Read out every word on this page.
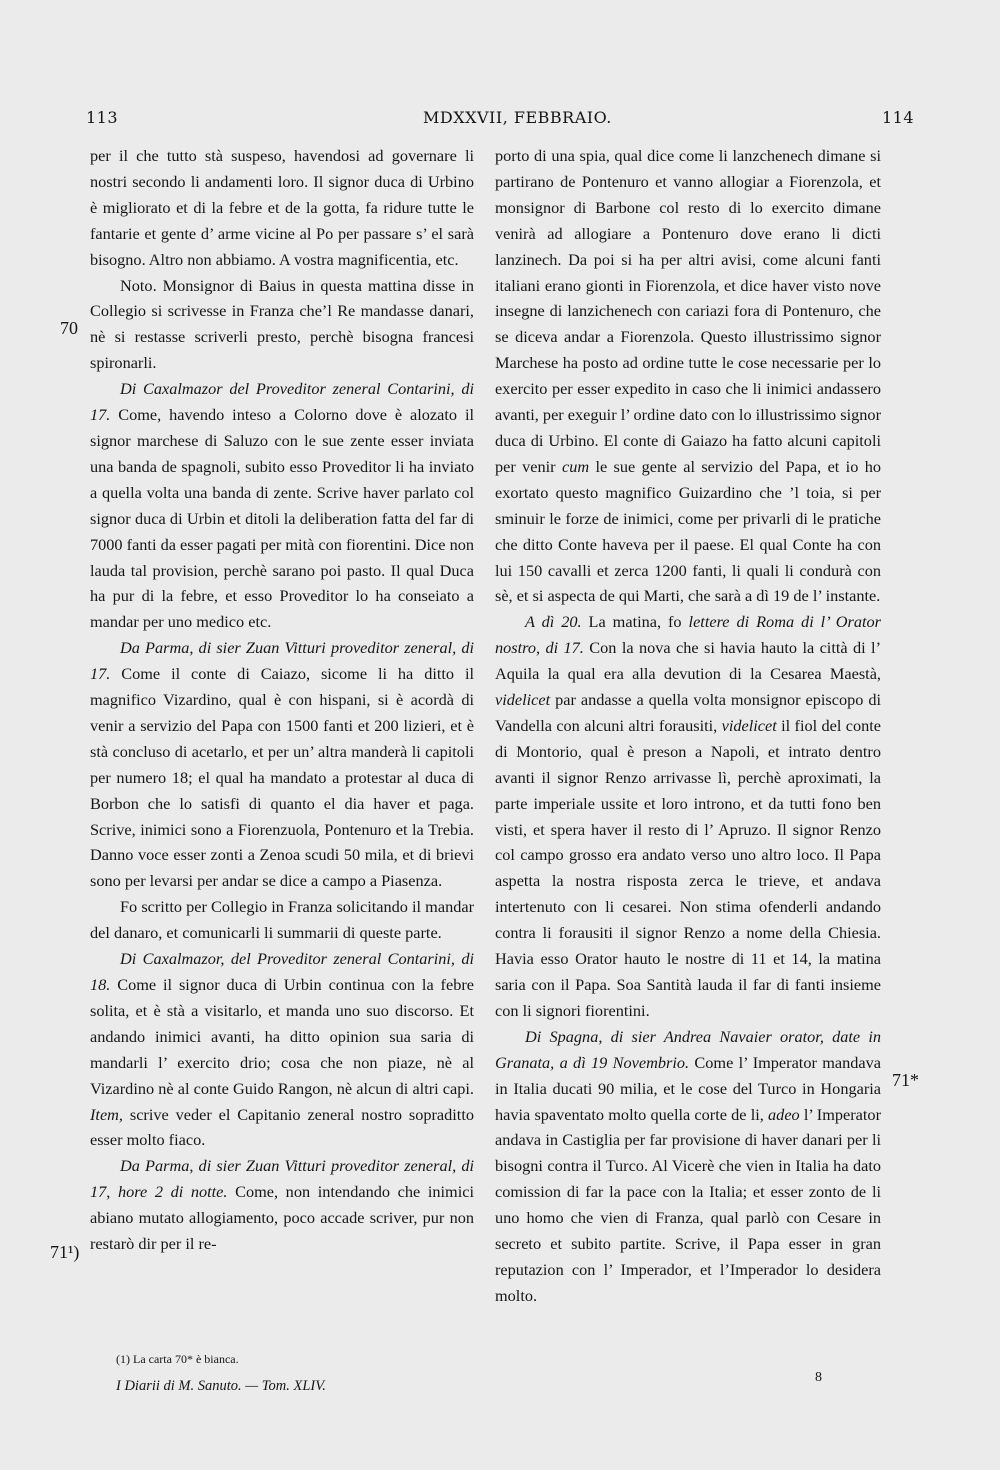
113	MDXXVII, FEBBRAIO.	114

per il che tutto stà suspeso, havendosi ad governare li nostri secondo li andamenti loro. Il signor duca di Urbino è migliorato et di la febre et de la gotta, fa ridure tutte le fantarie et gente d’ arme vicine al Po per passare s’ el sarà bisogno. Altro non abbiamo. A vostra magnificentia, etc.

Noto. Monsignor di Baius in questa mattina disse in Collegio si scrivesse in Franza che’l Re mandasse danari, nè si restasse scriverli presto, perchè bisogna francesi spironarli.

Di Caxalmazor del Proveditor zeneral Contarini, di 17. Come, havendo inteso a Colorno dove è alozato il signor marchese di Saluzo con le sue zente esser inviata una banda de spagnoli, subito esso Proveditor li ha inviato a quella volta una banda di zente. Scrive haver parlato col signor duca di Urbin et ditoli la deliberation fatta del far di 7000 fanti da esser pagati per mità con fiorentini. Dice non lauda tal provision, perchè sarano poi pasto. Il qual Duca ha pur di la febre, et esso Proveditor lo ha conseiato a mandar per uno medico etc.

Da Parma, di sier Zuan Vitturi proveditor zeneral, di 17. Come il conte di Caiazo, sicome li ha ditto il magnifico Vizardino, qual è con hispani, si è acordà di venir a servizio del Papa con 1500 fanti et 200 lizieri, et è stà concluso di acetarlo, et per un’ altra manderà li capitoli per numero 18; el qual ha mandato a protestar al duca di Borbon che lo satisfi di quanto el dia haver et paga. Scrive, inimici sono a Fiorenzuola, Pontenuro et la Trebia. Danno voce esser zonti a Zenoa scudi 50 mila, et di brievi sono per levarsi per andar se dice a campo a Piasenza.

Fo scritto per Collegio in Franza solicitando il mandar del danaro, et comunicarli li summarii di queste parte.

Di Caxalmazor, del Proveditor zeneral Contarini, di 18. Come il signor duca di Urbin continua con la febre solita, et è stà a visitarlo, et manda uno suo discorso. Et andando inimici avanti, ha ditto opinion sua saria di mandarli l’ exercito drio; cosa che non piaze, nè al Vizardino nè al conte Guido Rangon, nè alcun di altri capi. Item, scrive veder el Capitanio zeneral nostro sopraditto esser molto fiaco.

Da Parma, di sier Zuan Vitturi proveditor zeneral, di 17, hore 2 di notte. Come, non intendando che inimici abiano mutato allogiamento, poco accade scriver, pur non restarò dir per il re-

porto di una spia, qual dice come li lanzchenech dimane si partirano de Pontenuro et vanno allogiar a Fiorenzola, et monsignor di Barbone col resto di lo exercito dimane venirà ad allogiare a Pontenuro dove erano li dicti lanzinech. Da poi si ha per altri avisi, come alcuni fanti italiani erano gionti in Fiorenzola, et dice haver visto nove insegne di lanzichenech con cariazi fora di Pontenuro, che se diceva andar a Fiorenzola. Questo illustrissimo signor Marchese ha posto ad ordine tutte le cose necessarie per lo exercito per esser expedito in caso che li inimici andassero avanti, per exeguir l’ ordine dato con lo illustrissimo signor duca di Urbino. El conte di Gaiazo ha fatto alcuni capitoli per venir cum le sue gente al servizio del Papa, et io ho exortato questo magnifico Guizardino che ’l toia, si per sminuir le forze de inimici, come per privarli di le pratiche che ditto Conte haveva per il paese. El qual Conte ha con lui 150 cavalli et zerca 1200 fanti, li quali li condurà con sè, et si aspecta de qui Marti, che sarà a dì 19 de l’ instante.

A dì 20. La matina, fo lettere di Roma di l’ Orator nostro, di 17. Con la nova che si havia hauto la città di l’ Aquila la qual era alla devution di la Cesarea Maestà, videlicet par andasse a quella volta monsignor episcopo di Vandella con alcuni altri forausiti, videlicet il fiol del conte di Montorio, qual è preson a Napoli, et intrato dentro avanti il signor Renzo arrivasse lì, perchè aproximati, la parte imperiale ussite et loro introno, et da tutti fono ben visti, et spera haver il resto di l’ Apruzo. Il signor Renzo col campo grosso era andato verso uno altro loco. Il Papa aspetta la nostra risposta zerca le trieve, et andava intertenuto con li cesarei. Non stima ofenderli andando contra li forausiti il signor Renzo a nome della Chiesia. Havia esso Orator hauto le nostre di 11 et 14, la matina saria con il Papa. Soa Santità lauda il far di fanti insieme con li signori fiorentini.

Di Spagna, di sier Andrea Navaier orator, date in Granata, a dì 19 Novembrio. Come l’ Imperator mandava in Italia ducati 90 milia, et le cose del Turco in Hongaria havia spaventato molto quella corte de li, adeo l’ Imperator andava in Castiglia per far provisione di haver danari per li bisogni contra il Turco. Al Vicerè che vien in Italia ha dato comission di far la pace con la Italia; et esser zonto de li uno homo che vien di Franza, qual parlò con Cesare in secreto et subito partite. Scrive, il Papa esser in gran reputazion con l’ Imperador, et l’Imperador lo desidera molto.

70
71¹)
71*
(1) La carta 70* è bianca.
I Diarii di M. Sanuto. — Tom. XLIV.
8
